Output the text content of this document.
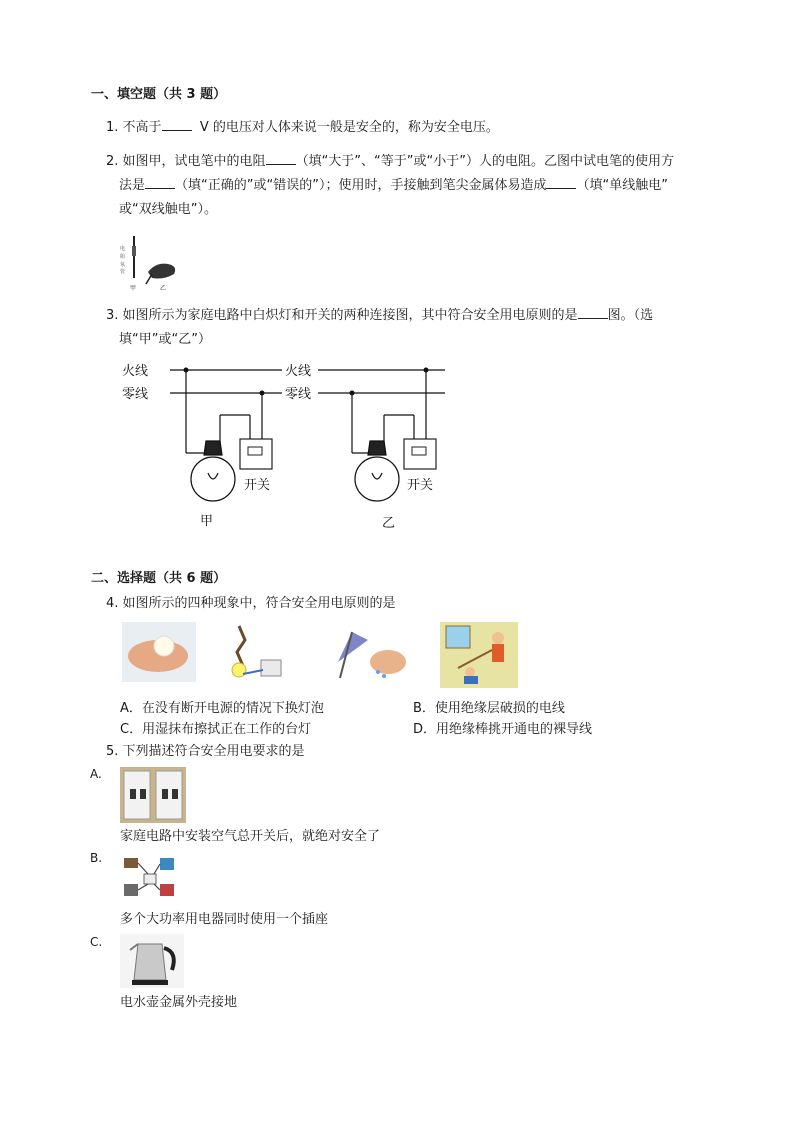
一、填空题（共 3 题）
1. 不高于	V 的电压对人体来说一般是安全的，称为安全电压。
2. 如图甲，试电笔中的电阻 （填“大于”、“等于”或“小于”）人的电阻。乙图中试电笔的使用方
法是 （填“正确的”或“错误的”）；使用时，手接触到笔尖金属体易造成 （填“单线触电”
或“双线触电”）。
电
阻
氖
管
甲	乙
3. 如图所示为家庭电路中白炽灯和开关的两种连接图，其中符合安全用电原则的是 图。（选
填“甲”或“乙”）
火线
零线
开关
甲
火线
零线
开关
乙
二、选择题（共 6 题）
4. 如图所示的四种现象中，符合安全用电原则的是
A．在没有断开电源的情况下换灯泡	B．使用绝缘层破损的电线
C．用湿抹布擦拭正在工作的台灯	D．用绝缘棒挑开通电的裸导线
5. 下列描述符合安全用电要求的是
A.
家庭电路中安装空气总开关后，就绝对安全了
B.
多个大功率用电器同时使用一个插座
C.
电水壶金属外壳接地
